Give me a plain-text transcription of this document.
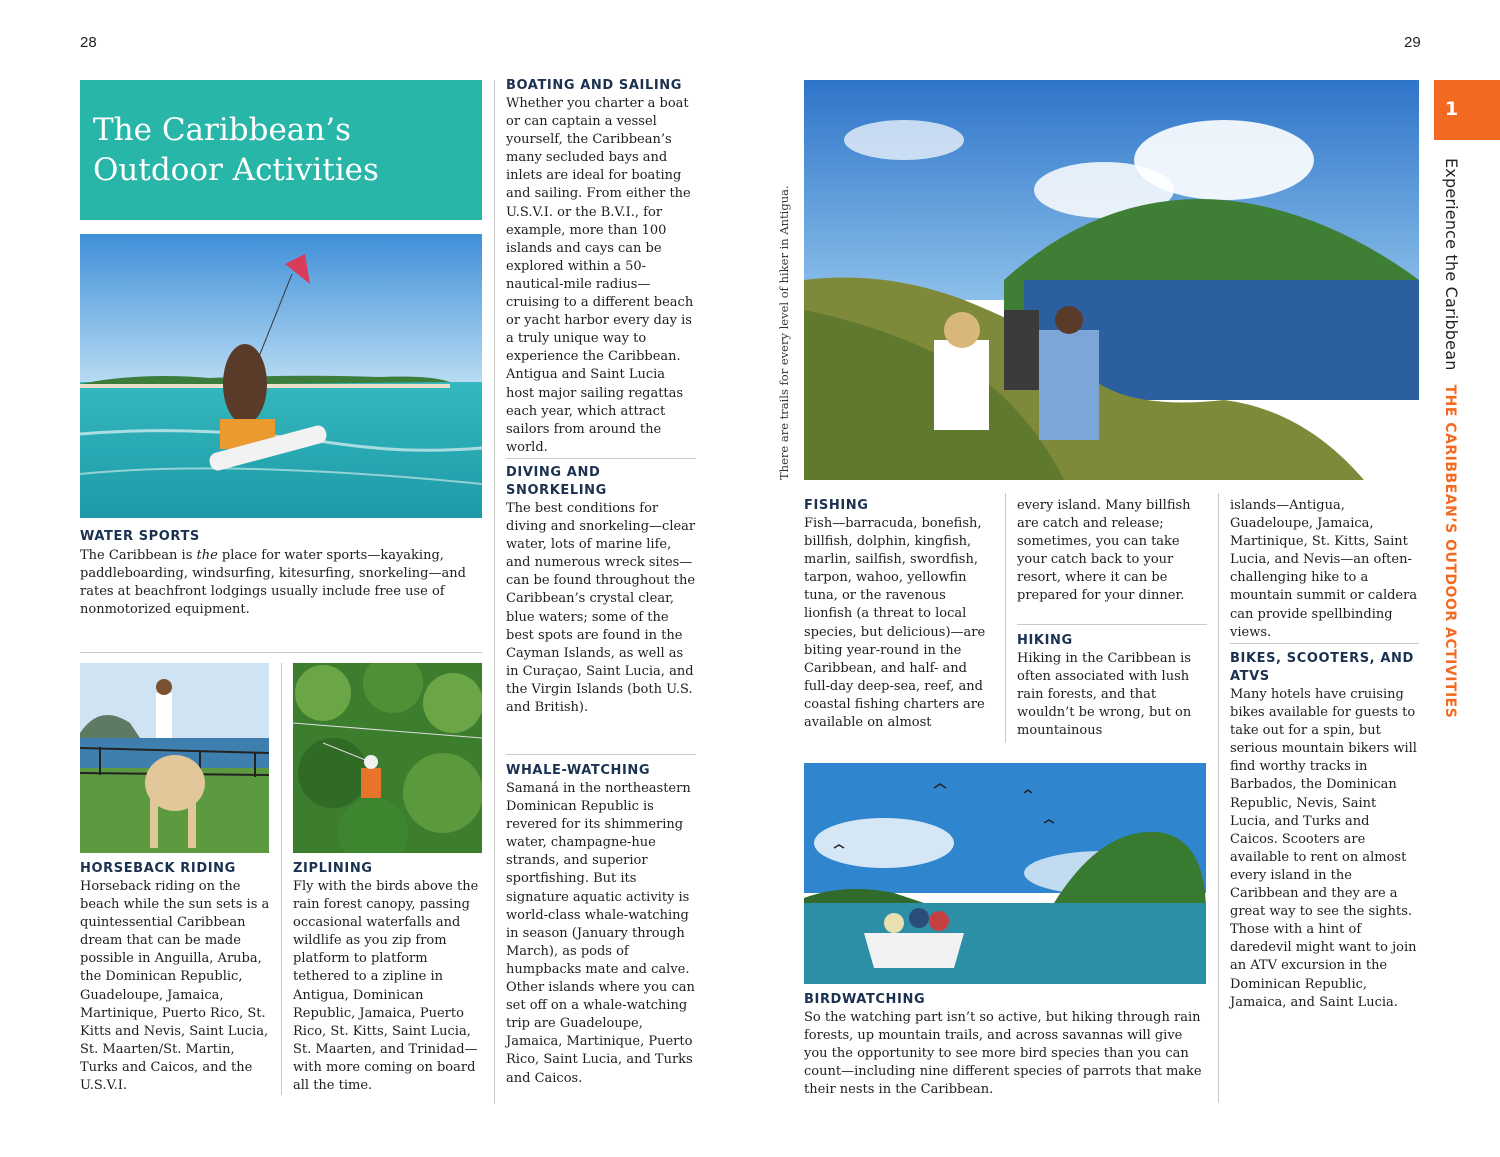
28	29
The Caribbean’s Outdoor Activities
WATER SPORTS

The Caribbean is the place for water sports—kayaking, paddleboarding, windsurfing, kitesurfing, snorkeling—and rates at beachfront lodgings usually include free use of nonmotorized equipment.

HORSEBACK RIDING

Horseback riding on the beach while the sun sets is a quintessential Caribbean dream that can be made possible in Anguilla, Aruba, the Dominican Republic, Guadeloupe, Jamaica, Martinique, Puerto Rico, St. Kitts and Nevis, Saint Lucia, St. Maarten/St. Martin, Turks and Caicos, and the U.S.V.I.

ZIPLINING

Fly with the birds above the rain forest canopy, passing occasional waterfalls and wildlife as you zip from platform to platform tethered to a zipline in Antigua, Dominican Republic, Jamaica, Puerto Rico, St. Kitts, Saint Lucia, St. Maarten, and Trinidad—with more coming on board all the time.

BOATING AND SAILING

Whether you charter a boat or can captain a vessel yourself, the Caribbean’s many secluded bays and inlets are ideal for boating and sailing. From either the U.S.V.I. or the B.V.I., for example, more than 100 islands and cays can be explored within a 50-nautical-mile radius—cruising to a different beach or yacht harbor every day is a truly unique way to experience the Caribbean. Antigua and Saint Lucia host major sailing regattas each year, which attract sailors from around the world.

DIVING AND SNORKELING

The best conditions for diving and snorkeling—clear water, lots of marine life, and numerous wreck sites—can be found throughout the Caribbean’s crystal clear, blue waters; some of the best spots are found in the Cayman Islands, as well as in Curaçao, Saint Lucia, and the Virgin Islands (both U.S. and British).

WHALE-WATCHING

Samaná in the northeastern Dominican Republic is revered for its shimmering water, champagne-hue strands, and superior sportfishing. But its signature aquatic activity is world-class whale-watching in season (January through March), as pods of humpbacks mate and calve. Other islands where you can set off on a whale-watching trip are Guadeloupe, Jamaica, Martinique, Puerto Rico, Saint Lucia, and Turks and Caicos.

There are trails for every level of hiker in Antigua.
FISHING

Fish—barracuda, bonefish, billfish, dolphin, kingfish, marlin, sailfish, swordfish, tarpon, wahoo, yellowfin tuna, or the ravenous lionfish (a threat to local species, but delicious)—are biting year-round in the Caribbean, and half- and full-day deep-sea, reef, and coastal fishing charters are available on almost

every island. Many billfish are catch and release; sometimes, you can take your catch back to your resort, where it can be prepared for your dinner.

HIKING

Hiking in the Caribbean is often associated with lush rain forests, and that wouldn’t be wrong, but on mountainous

islands—Antigua, Guadeloupe, Jamaica, Martinique, St. Kitts, Saint Lucia, and Nevis—an often-challenging hike to a mountain summit or caldera can provide spellbinding views.

BIKES, SCOOTERS, AND ATVS

Many hotels have cruising bikes available for guests to take out for a spin, but serious mountain bikers will find worthy tracks in Barbados, the Dominican Republic, Nevis, Saint Lucia, and Turks and Caicos. Scooters are available to rent on almost every island in the Caribbean and they are a great way to see the sights. Those with a hint of daredevil might want to join an ATV excursion in the Dominican Republic, Jamaica, and Saint Lucia.

BIRDWATCHING

So the watching part isn’t so active, but hiking through rain forests, up mountain trails, and across savannas will give you the opportunity to see more bird species than you can count—including nine different species of parrots that make their nests in the Caribbean.

1
Experience the CaribbeanTHE CARIBBEAN’S OUTDOOR ACTIVITIES
